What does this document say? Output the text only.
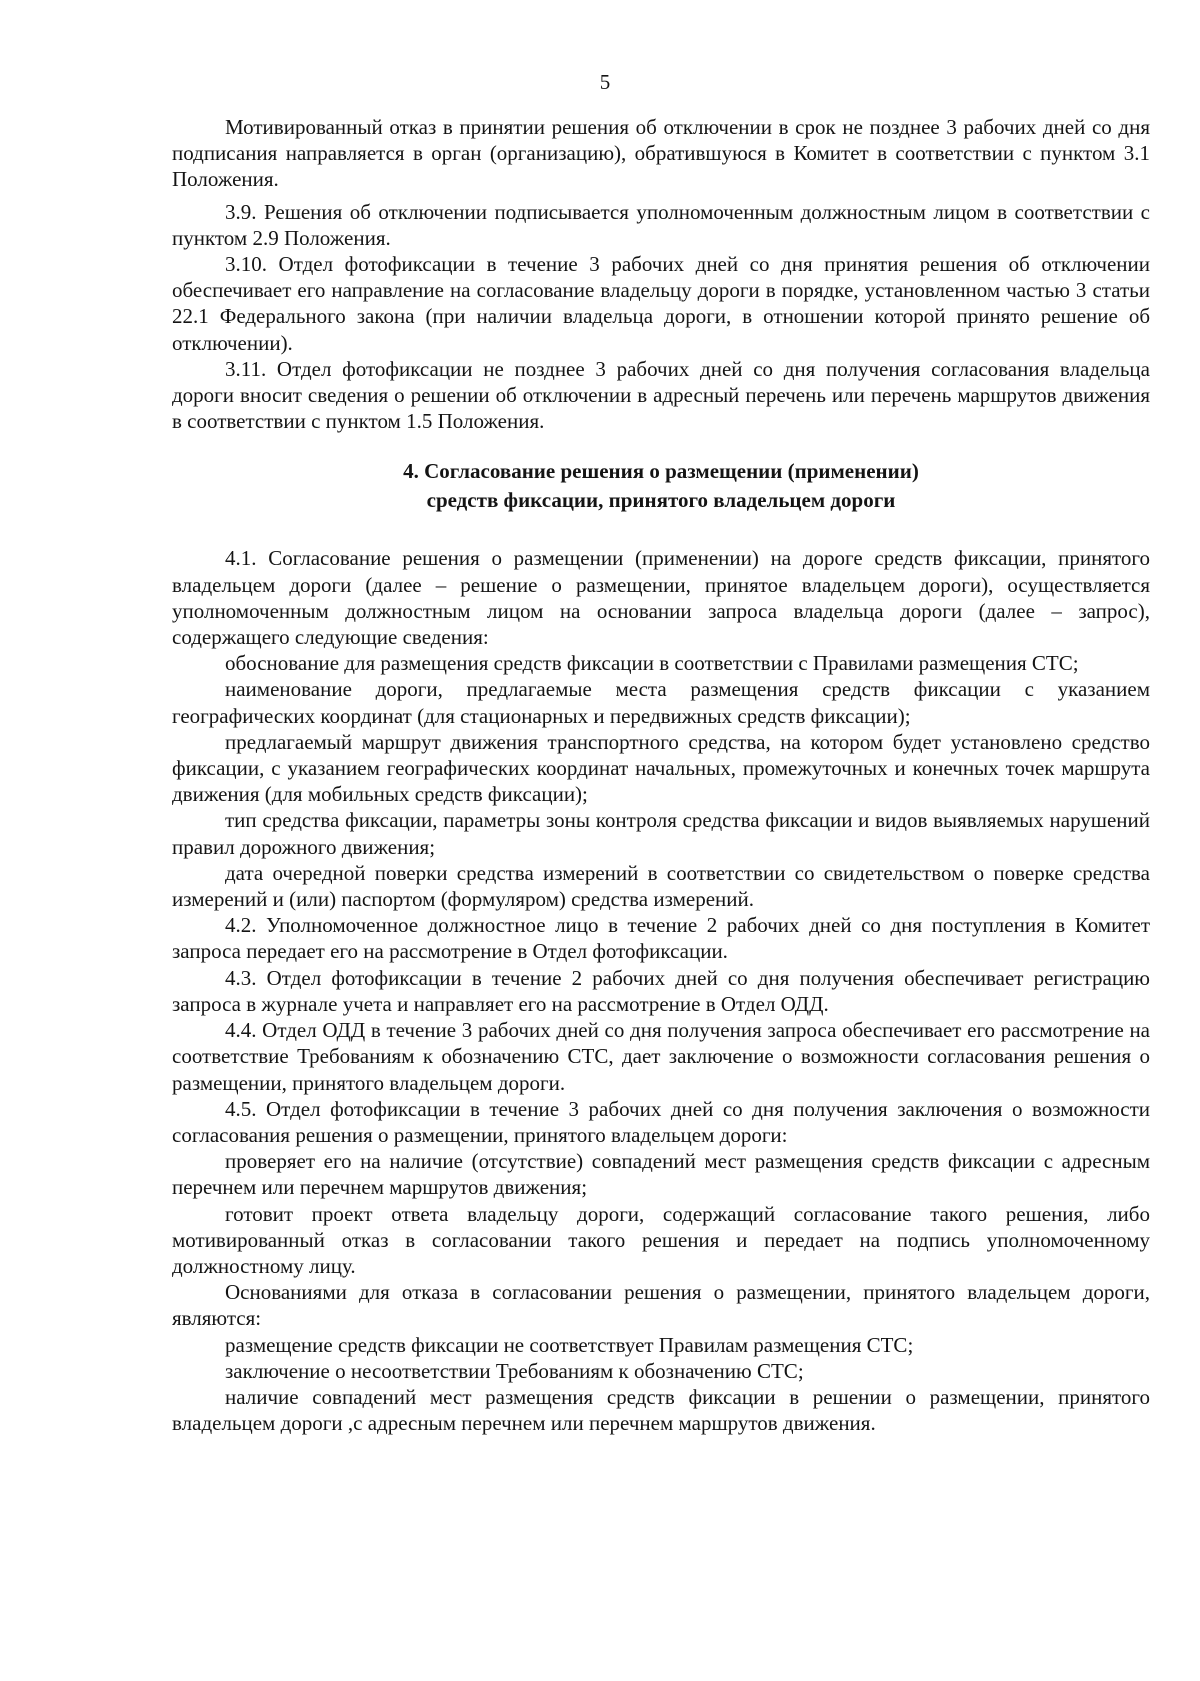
5

Мотивированный отказ в принятии решения об отключении в срок не позднее 3 рабочих дней со дня подписания направляется в орган (организацию), обратившуюся в Комитет в соответствии с пунктом 3.1 Положения.

3.9. Решения об отключении подписывается уполномоченным должностным лицом в соответствии с пунктом 2.9 Положения.

3.10. Отдел фотофиксации в течение 3 рабочих дней со дня принятия решения об отключении обеспечивает его направление на согласование владельцу дороги в порядке, установленном частью 3 статьи 22.1 Федерального закона (при наличии владельца дороги, в отношении которой принято решение об отключении).

3.11. Отдел фотофиксации не позднее 3 рабочих дней со дня получения согласования владельца дороги вносит сведения о решении об отключении в адресный перечень или перечень маршрутов движения в соответствии с пунктом 1.5 Положения.

4. Согласование решения о размещении (применении)
средств фиксации, принятого владельцем дороги

4.1. Согласование решения о размещении (применении) на дороге средств фиксации, принятого владельцем дороги (далее – решение о размещении, принятое владельцем дороги), осуществляется уполномоченным должностным лицом на основании запроса владельца дороги (далее – запрос), содержащего следующие сведения:

обоснование для размещения средств фиксации в соответствии с Правилами размещения СТС;

наименование дороги, предлагаемые места размещения средств фиксации с указанием географических координат (для стационарных и передвижных средств фиксации);

предлагаемый маршрут движения транспортного средства, на котором будет установлено средство фиксации, с указанием географических координат начальных, промежуточных и конечных точек маршрута движения (для мобильных средств фиксации);

тип средства фиксации, параметры зоны контроля средства фиксации и видов выявляемых нарушений правил дорожного движения;

дата очередной поверки средства измерений в соответствии со свидетельством о поверке средства измерений и (или) паспортом (формуляром) средства измерений.

4.2. Уполномоченное должностное лицо в течение 2 рабочих дней со дня поступления в Комитет запроса передает его на рассмотрение в Отдел фотофиксации.

4.3. Отдел фотофиксации в течение 2 рабочих дней со дня получения обеспечивает регистрацию запроса в журнале учета и направляет его на рассмотрение в Отдел ОДД.

4.4. Отдел ОДД в течение 3 рабочих дней со дня получения запроса обеспечивает его рассмотрение на соответствие Требованиям к обозначению СТС, дает заключение о возможности согласования решения о размещении, принятого владельцем дороги.

4.5. Отдел фотофиксации в течение 3 рабочих дней со дня получения заключения о возможности согласования решения о размещении, принятого владельцем дороги:

проверяет его на наличие (отсутствие) совпадений мест размещения средств фиксации с адресным перечнем или перечнем маршрутов движения;

готовит проект ответа владельцу дороги, содержащий согласование такого решения, либо мотивированный отказ в согласовании такого решения и передает на подпись уполномоченному должностному лицу.

Основаниями для отказа в согласовании решения о размещении, принятого владельцем дороги, являются:

размещение средств фиксации не соответствует Правилам размещения СТС;

заключение о несоответствии Требованиям к обозначению СТС;

наличие совпадений мест размещения средств фиксации в решении о размещении, принятого владельцем дороги ,с адресным перечнем или перечнем маршрутов движения.
